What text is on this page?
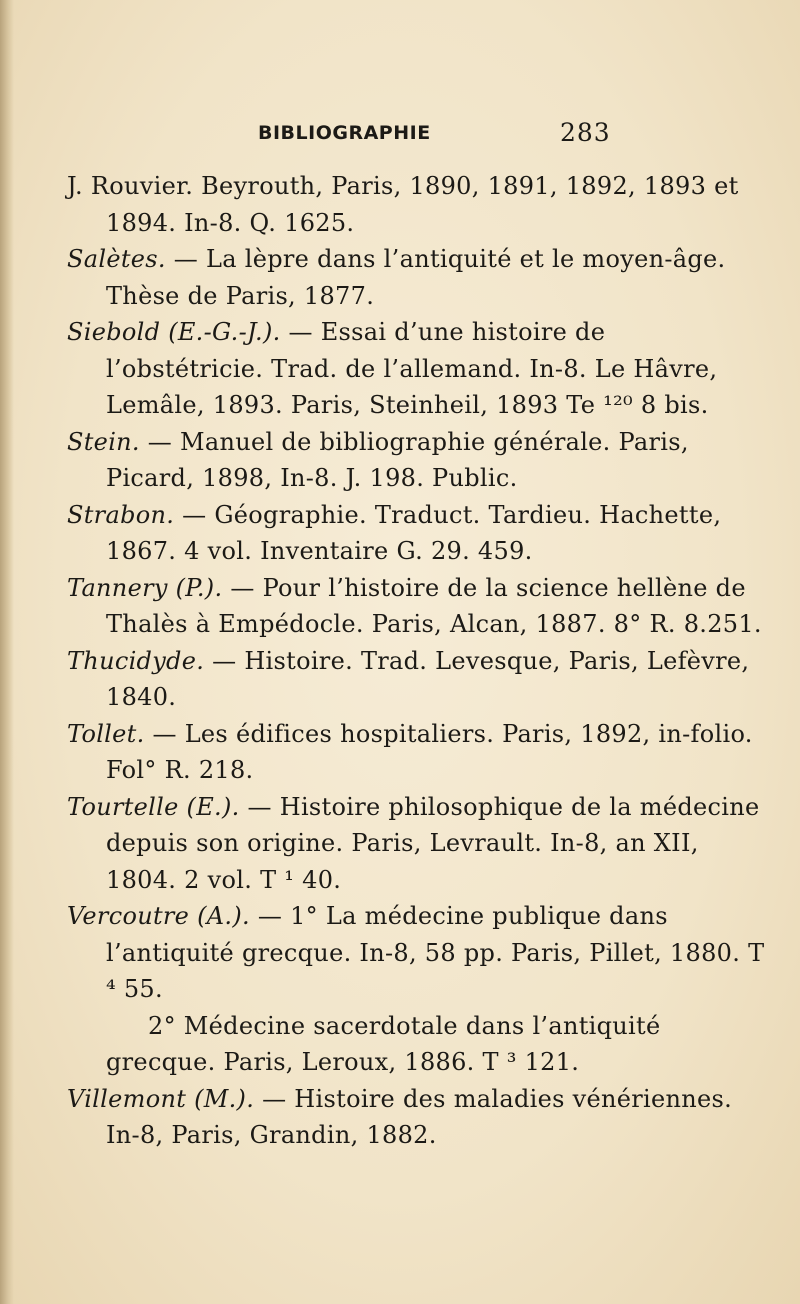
BIBLIOGRAPHIE	283

J. Rouvier. Beyrouth, Paris, 1890, 1891, 1892, 1893 et 1894. In-8. Q. 1625.

Salètes. — La lèpre dans l’antiquité et le moyen-âge. Thèse de Paris, 1877.

Siebold (E.-G.-J.). — Essai d’une histoire de l’obstétricie. Trad. de l’allemand. In-8. Le Hâvre, Lemâle, 1893. Paris, Steinheil, 1893 Te ¹²⁰ 8 bis.

Stein. — Manuel de bibliographie générale. Paris, Picard, 1898, In-8. J. 198. Public.

Strabon. — Géographie. Traduct. Tardieu. Hachette, 1867. 4 vol. Inventaire G. 29. 459.

Tannery (P.). — Pour l’histoire de la science hellène de Thalès à Empédocle. Paris, Alcan, 1887. 8° R. 8.251.

Thucidyde. — Histoire. Trad. Levesque, Paris, Lefèvre, 1840.

Tollet. — Les édifices hospitaliers. Paris, 1892, in-folio. Fol° R. 218.

Tourtelle (E.). — Histoire philosophique de la médecine depuis son origine. Paris, Levrault. In-8, an XII, 1804. 2 vol. T ¹ 40.

Vercoutre (A.). — 1° La médecine publique dans l’antiquité grecque. In-8, 58 pp. Paris, Pillet, 1880. T ⁴ 55.

2° Médecine sacerdotale dans l’antiquité grecque. Paris, Leroux, 1886. T ³ 121.

Villemont (M.). — Histoire des maladies vénériennes. In-8, Paris, Grandin, 1882.
